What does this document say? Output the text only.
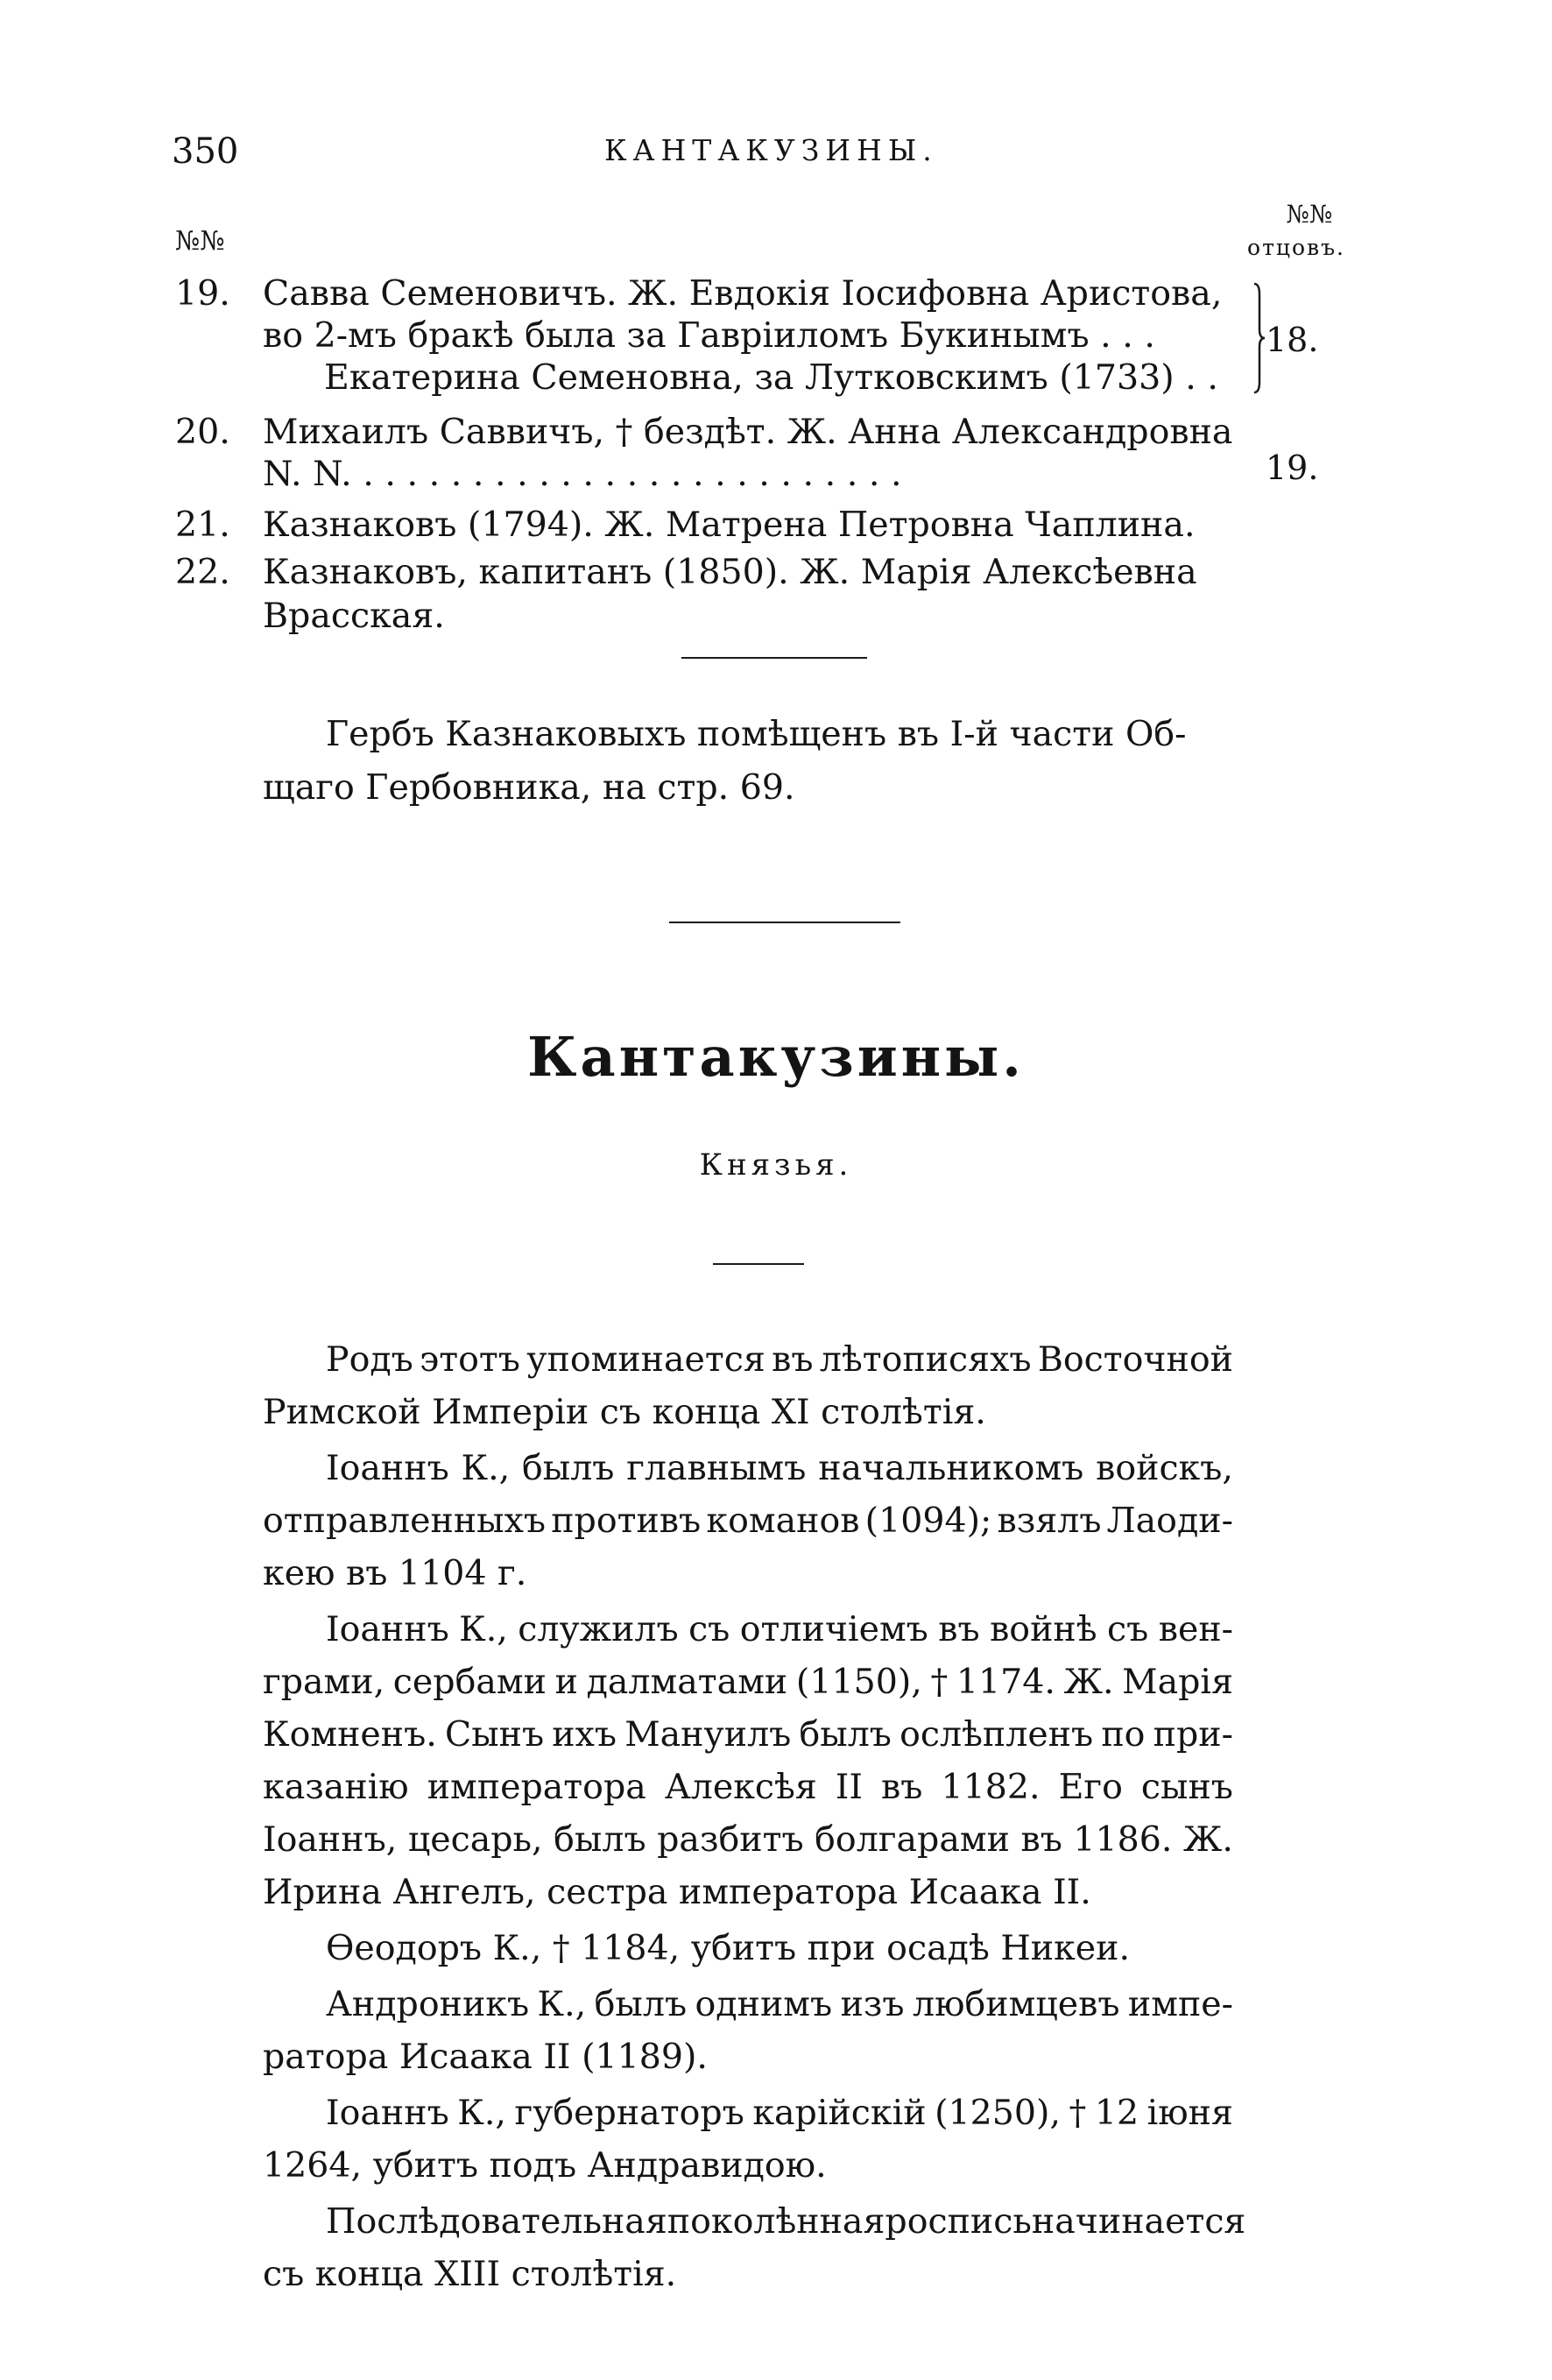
350	КАНТАКУЗИНЫ.
№№
№№
отцовъ.
19. Савва Семеновичъ. Ж. Евдокія Іосифовна Аристова,
во 2-мъ бракѣ была за Гавріиломъ Букинымъ . . .
Екатерина Семеновна, за Лутковскимъ (1733) . .
18.
20. Михаилъ Саввичъ, † бездѣт. Ж. Анна Александровна
N. N. . . . . . . . . . . . . . . . . . . . . . . . . .	19.
21. Казнаковъ (1794). Ж. Матрена Петровна Чаплина.
22. Казнаковъ, капитанъ (1850). Ж. Марія Алексѣевна
Врасская.
Гербъ Казнаковыхъ помѣщенъ въ I-й части Об-
щаго Гербовника, на стр. 69.
Кантакузины.
Князья.
Родъ этотъ упоминается въ лѣтописяхъ Восточной
Римской Имперіи съ конца XI столѣтія.
Іоаннъ К., былъ главнымъ начальникомъ войскъ,
отправленныхъ противъ команов (1094); взялъ Лаоди-
кею въ 1104 г.
Іоаннъ К., служилъ съ отличіемъ въ войнѣ съ вен-
грами, сербами и далматами (1150), † 1174. Ж. Марія
Комненъ. Сынъ ихъ Мануилъ былъ ослѣпленъ по при-
казанію императора Алексѣя II въ 1182. Его сынъ
Іоаннъ, цесарь, былъ разбитъ болгарами въ 1186. Ж.
Ирина Ангелъ, сестра императора Исаака II.
Ѳеодоръ К., † 1184, убитъ при осадѣ Никеи.
Андроникъ К., былъ однимъ изъ любимцевъ импе-
ратора Исаака II (1189).
Іоаннъ К., губернаторъ карійскій (1250), † 12 іюня
1264, убитъ подъ Андравидою.
Послѣдовательная поколѣнная роспись начинается
съ конца XIII столѣтія.
